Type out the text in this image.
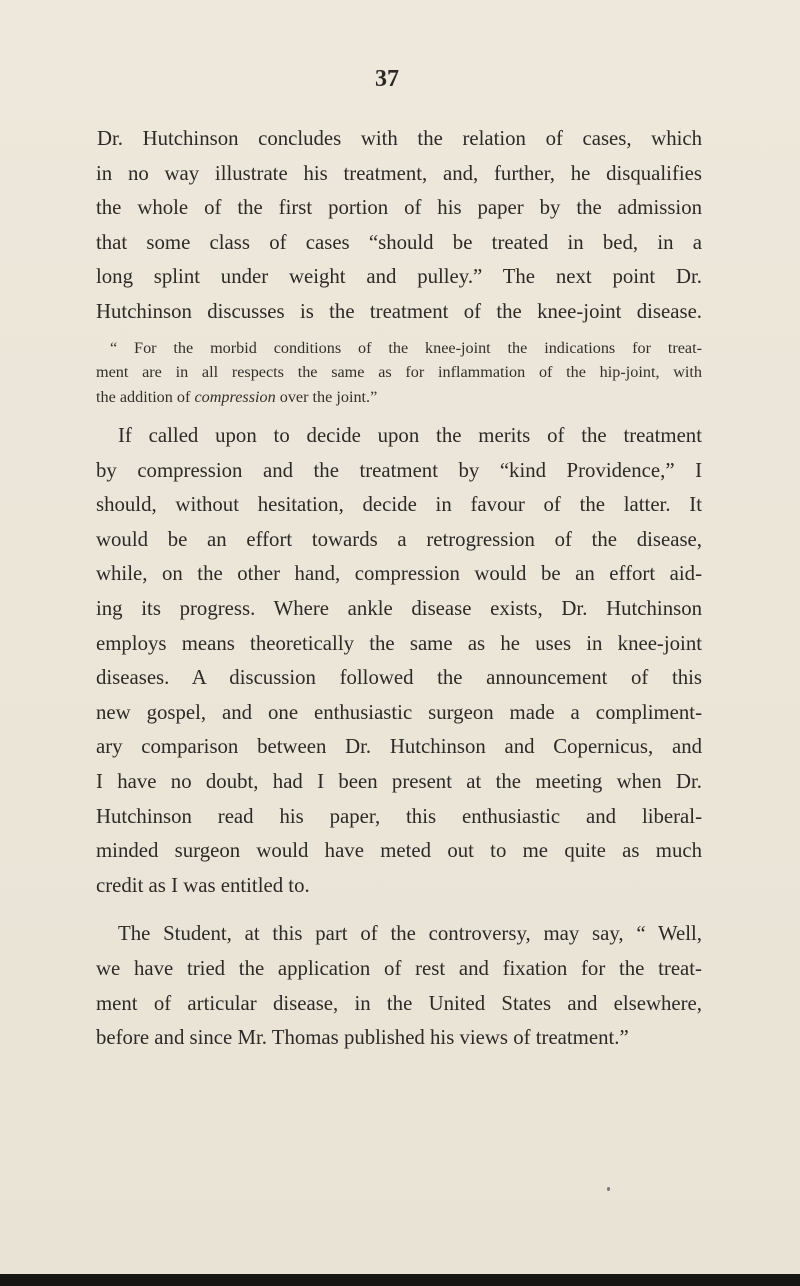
37

Dr. Hutchinson concludes with the relation of cases, which
in no way illustrate his treatment, and, further, he disqualifies
the whole of the first portion of his paper by the admission
that some class of cases “should be treated in bed, in a
long splint under weight and pulley.” The next point Dr.
Hutchinson discusses is the treatment of the knee-joint disease.

“ For the morbid conditions of the knee-joint the indications for treat-
ment are in all respects the same as for inflammation of the hip-joint, with
the addition of compression over the joint.”

If called upon to decide upon the merits of the treatment
by compression and the treatment by “kind Providence,” I
should, without hesitation, decide in favour of the latter. It
would be an effort towards a retrogression of the disease,
while, on the other hand, compression would be an effort aid-
ing its progress. Where ankle disease exists, Dr. Hutchinson
employs means theoretically the same as he uses in knee-joint
diseases. A discussion followed the announcement of this
new gospel, and one enthusiastic surgeon made a compliment-
ary comparison between Dr. Hutchinson and Copernicus, and
I have no doubt, had I been present at the meeting when Dr.
Hutchinson read his paper, this enthusiastic and liberal-
minded surgeon would have meted out to me quite as much
credit as I was entitled to.

The Student, at this part of the controversy, may say, “ Well,
we have tried the application of rest and fixation for the treat-
ment of articular disease, in the United States and elsewhere,
before and since Mr. Thomas published his views of treatment.”
